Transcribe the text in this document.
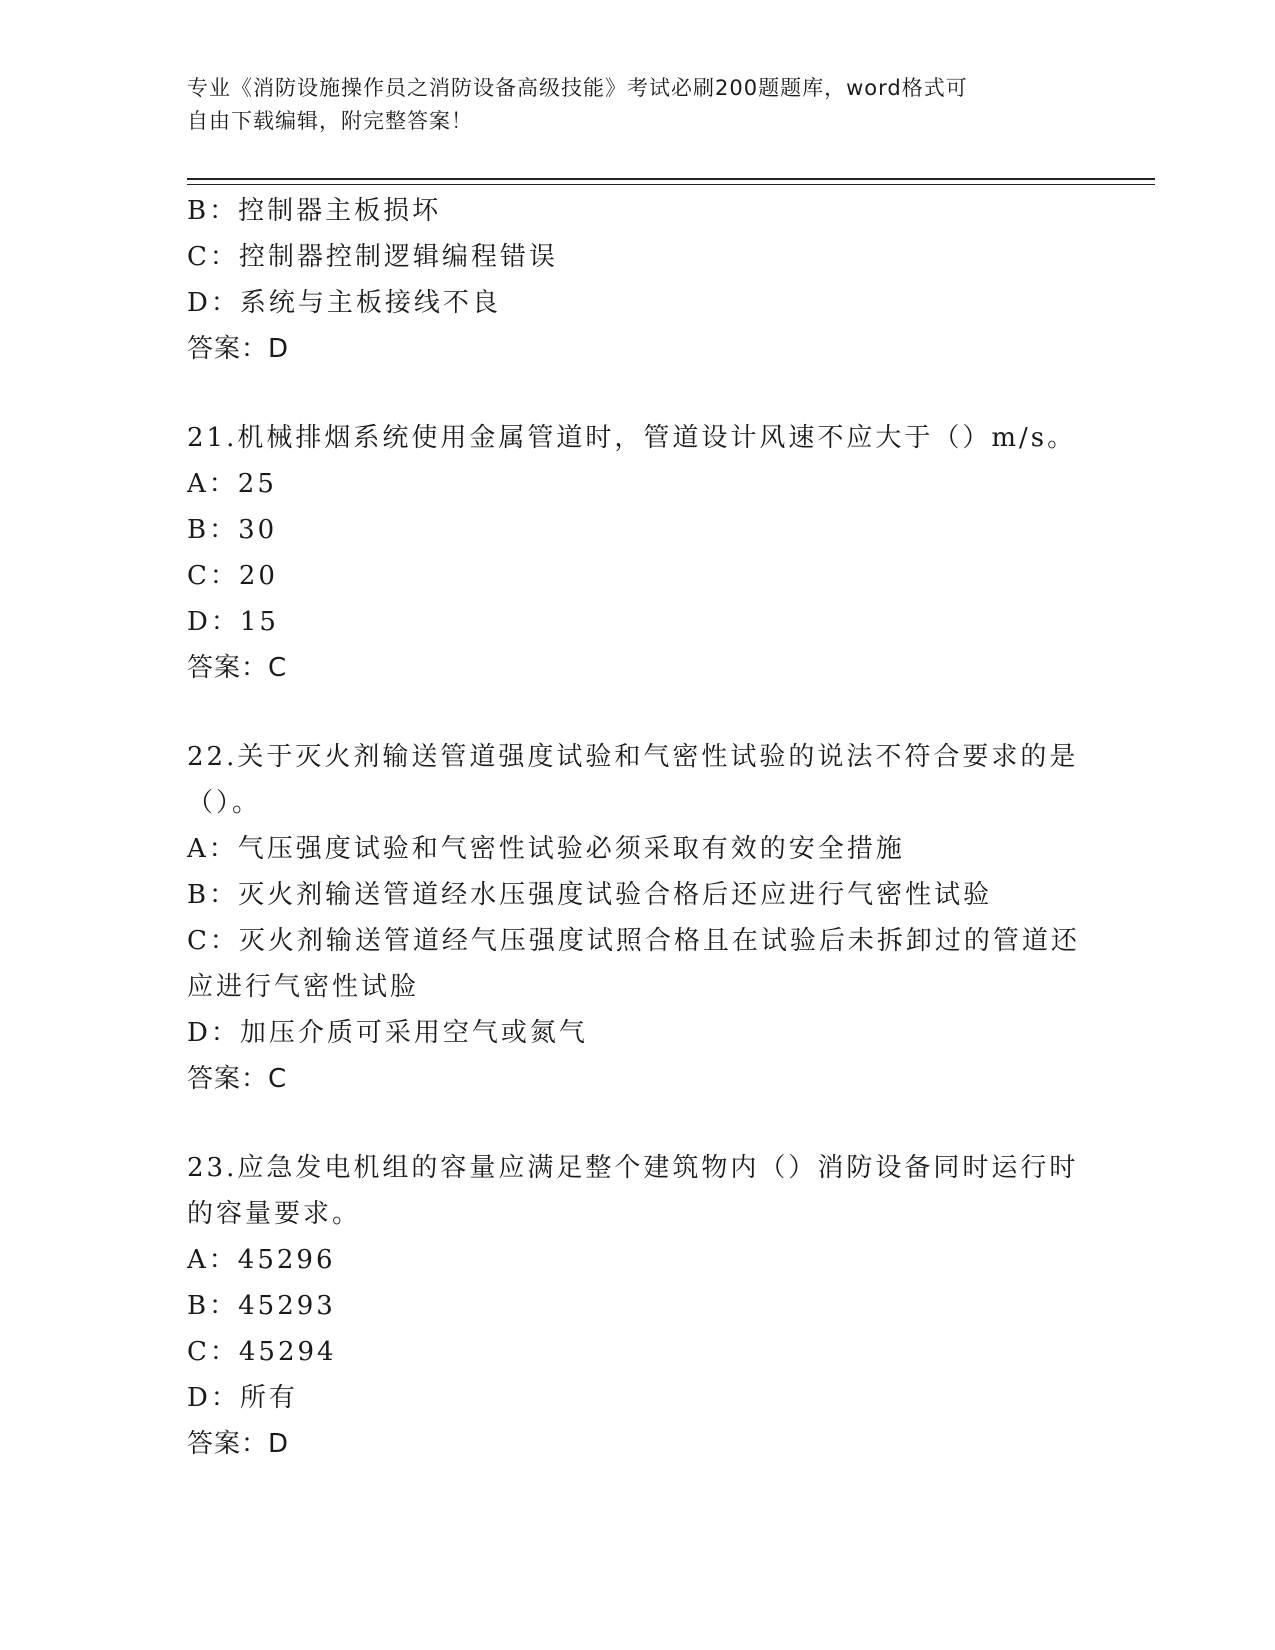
专业《消防设施操作员之消防设备高级技能》考试必刷200题题库，word格式可
自由下载编辑，附完整答案！
B：控制器主板损坏
C：控制器控制逻辑编程错误
D：系统与主板接线不良
答案：D
21.机械排烟系统使用金属管道时，管道设计风速不应大于（）m/s。
A：25
B：30
C：20
D：15
答案：C
22.关于灭火剂输送管道强度试验和气密性试验的说法不符合要求的是
（）。
A：气压强度试验和气密性试验必须采取有效的安全措施
B：灭火剂输送管道经水压强度试验合格后还应进行气密性试验
C：灭火剂输送管道经气压强度试照合格且在试验后未拆卸过的管道还
应进行气密性试脸
D：加压介质可采用空气或氮气
答案：C
23.应急发电机组的容量应满足整个建筑物内（）消防设备同时运行时
的容量要求。
A：45296
B：45293
C：45294
D：所有
答案：D
